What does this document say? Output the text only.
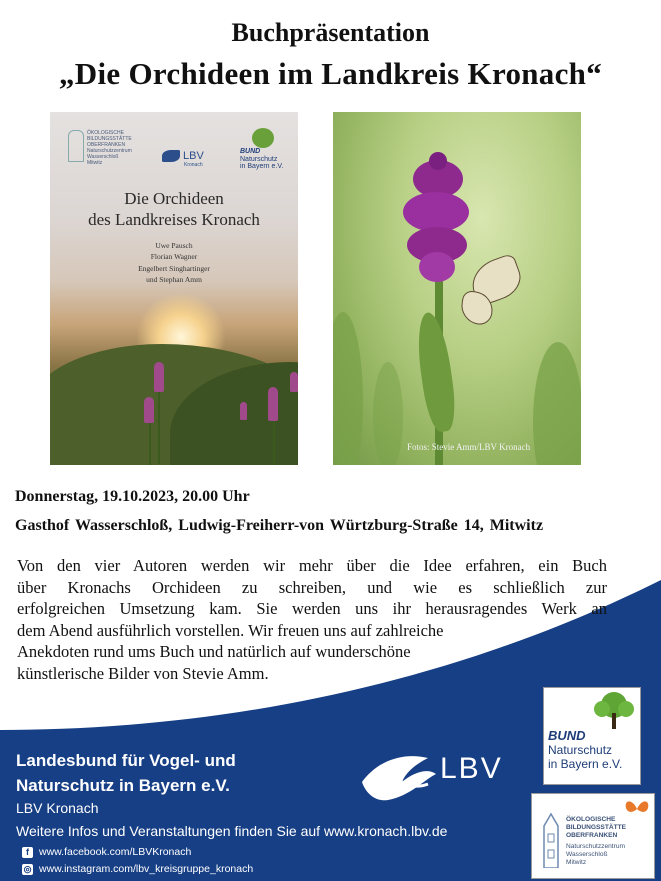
Buchpräsentation
„Die Orchideen im Landkreis Kronach“
ÖKOLOGISCHE
BILDUNGSSTÄTTE
OBERFRANKEN
Naturschutzzentrum
Wasserschloß
Mitwitz
LBV
Kronach
BUND
Naturschutz
in Bayern e.V.
Die Orchideen
des Landkreises Kronach
Uwe Pausch
Florian Wagner
Engelbert Singhartinger
und Stephan Amm
Fotos: Stevie Amm/LBV Kronach
Donnerstag, 19.10.2023, 20.00 Uhr
Gasthof Wasserschloß, Ludwig-Freiherr-von Würtzburg-Straße 14, Mitwitz
Von den vier Autoren werden wir mehr über die Idee erfahren, ein Buch
über Kronachs Orchideen zu schreiben, und wie es schließlich zur
erfolgreichen Umsetzung kam. Sie werden uns ihr herausragendes Werk an
dem Abend ausführlich vorstellen. Wir freuen uns auf zahlreiche
Anekdoten rund ums Buch und natürlich auf wunderschöne
künstlerische Bilder von Stevie Amm.
Landesbund für Vogel- und
Naturschutz in Bayern e.V.
LBV Kronach
Weitere Infos und Veranstaltungen finden Sie auf www.kronach.lbv.de
f www.facebook.com/LBVKronach
◎ www.instagram.com/lbv_kreisgruppe_kronach
LBV
BUND
Naturschutz
in Bayern e.V.
ÖKOLOGISCHE
BILDUNGSSTÄTTE
OBERFRANKEN
Naturschutzzentrum
Wasserschloß
Mitwitz
